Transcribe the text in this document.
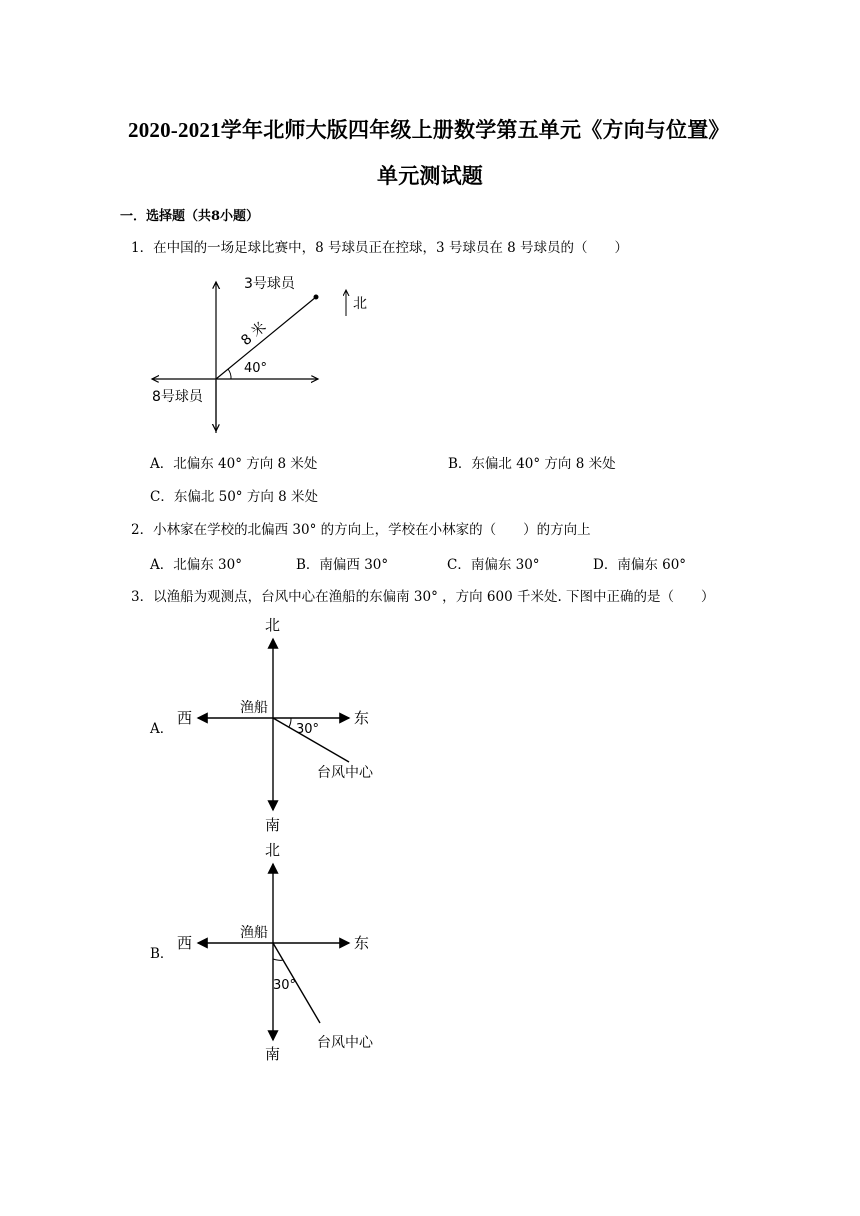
2020-2021学年北师大版四年级上册数学第五单元《方向与位置》
单元测试题
一．选择题（共8小题）
1．在中国的一场足球比赛中，8 号球员正在控球，3 号球员在 8 号球员的（　　）
40°
3号球员
8 米
8号球员
北
A．北偏东 40° 方向 8 米处	B．东偏北 40° 方向 8 米处
C．东偏北 50° 方向 8 米处
2．小林家在学校的北偏西 30° 的方向上，学校在小林家的（　　）的方向上
A．北偏东 30°	B．南偏西 30°	C．南偏东 30°	D．南偏东 60°
3．以渔船为观测点，台风中心在渔船的东偏南 30° ，方向 600 千米处. 下图中正确的是（　　）
A．
北
南
西	东
渔船
30°
台风中心
B．
北
南
西	东
渔船
30°
台风中心
